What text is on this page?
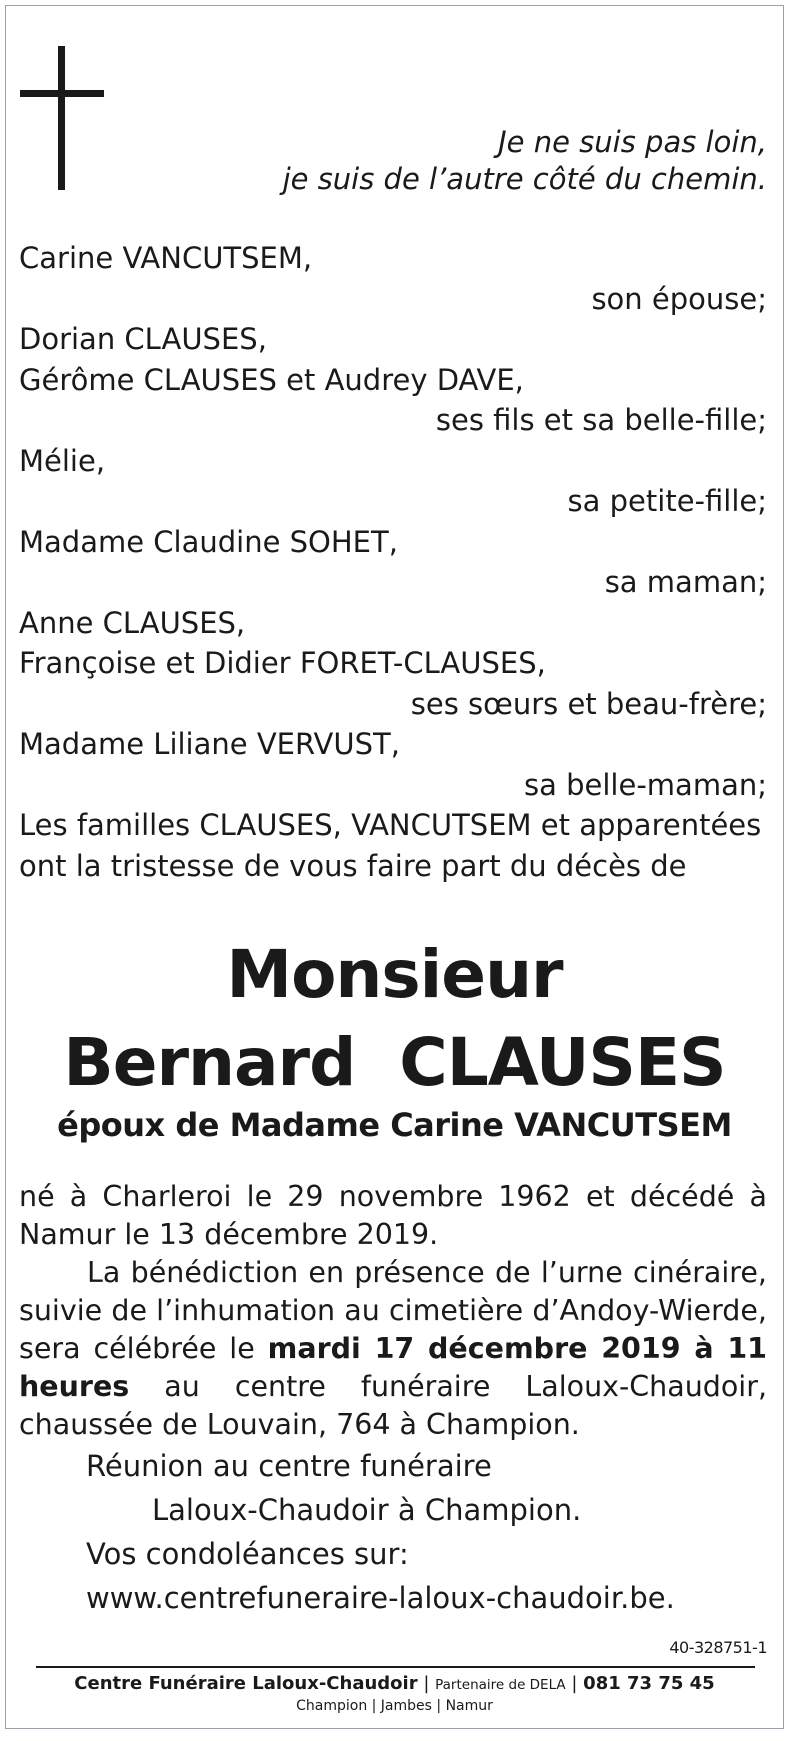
Je ne suis pas loin,
je suis de l’autre côté du chemin.
Carine VANCUTSEM,
son épouse;
Dorian CLAUSES,
Gérôme CLAUSES et Audrey DAVE,
ses fils et sa belle-fille;
Mélie,
sa petite-fille;
Madame Claudine SOHET,
sa maman;
Anne CLAUSES,
Françoise et Didier FORET-CLAUSES,
ses sœurs et beau-frère;
Madame Liliane VERVUST,
sa belle-maman;
Les familles CLAUSES, VANCUTSEM et apparentées
ont la tristesse de vous faire part du décès de
Monsieur
Bernard  CLAUSES
époux de Madame Carine VANCUTSEM

né à Charleroi le 29 novembre 1962 et décédé à Namur le 13 décembre 2019.

La bénédiction en présence de l’urne cinéraire, suivie de l’inhumation au cimetière d’Andoy-Wierde, sera célébrée le mardi 17 décembre 2019 à 11 heures au centre funéraire Laloux-Chaudoir, chaussée de Louvain, 764 à Champion.

Réunion au centre funéraire
Laloux-Chaudoir à Champion.
Vos condoléances sur:
www.centrefuneraire-laloux-chaudoir.be.
40-328751-1
Centre Funéraire Laloux-Chaudoir | Partenaire de DELA | 081 73 75 45
Champion | Jambes | Namur
